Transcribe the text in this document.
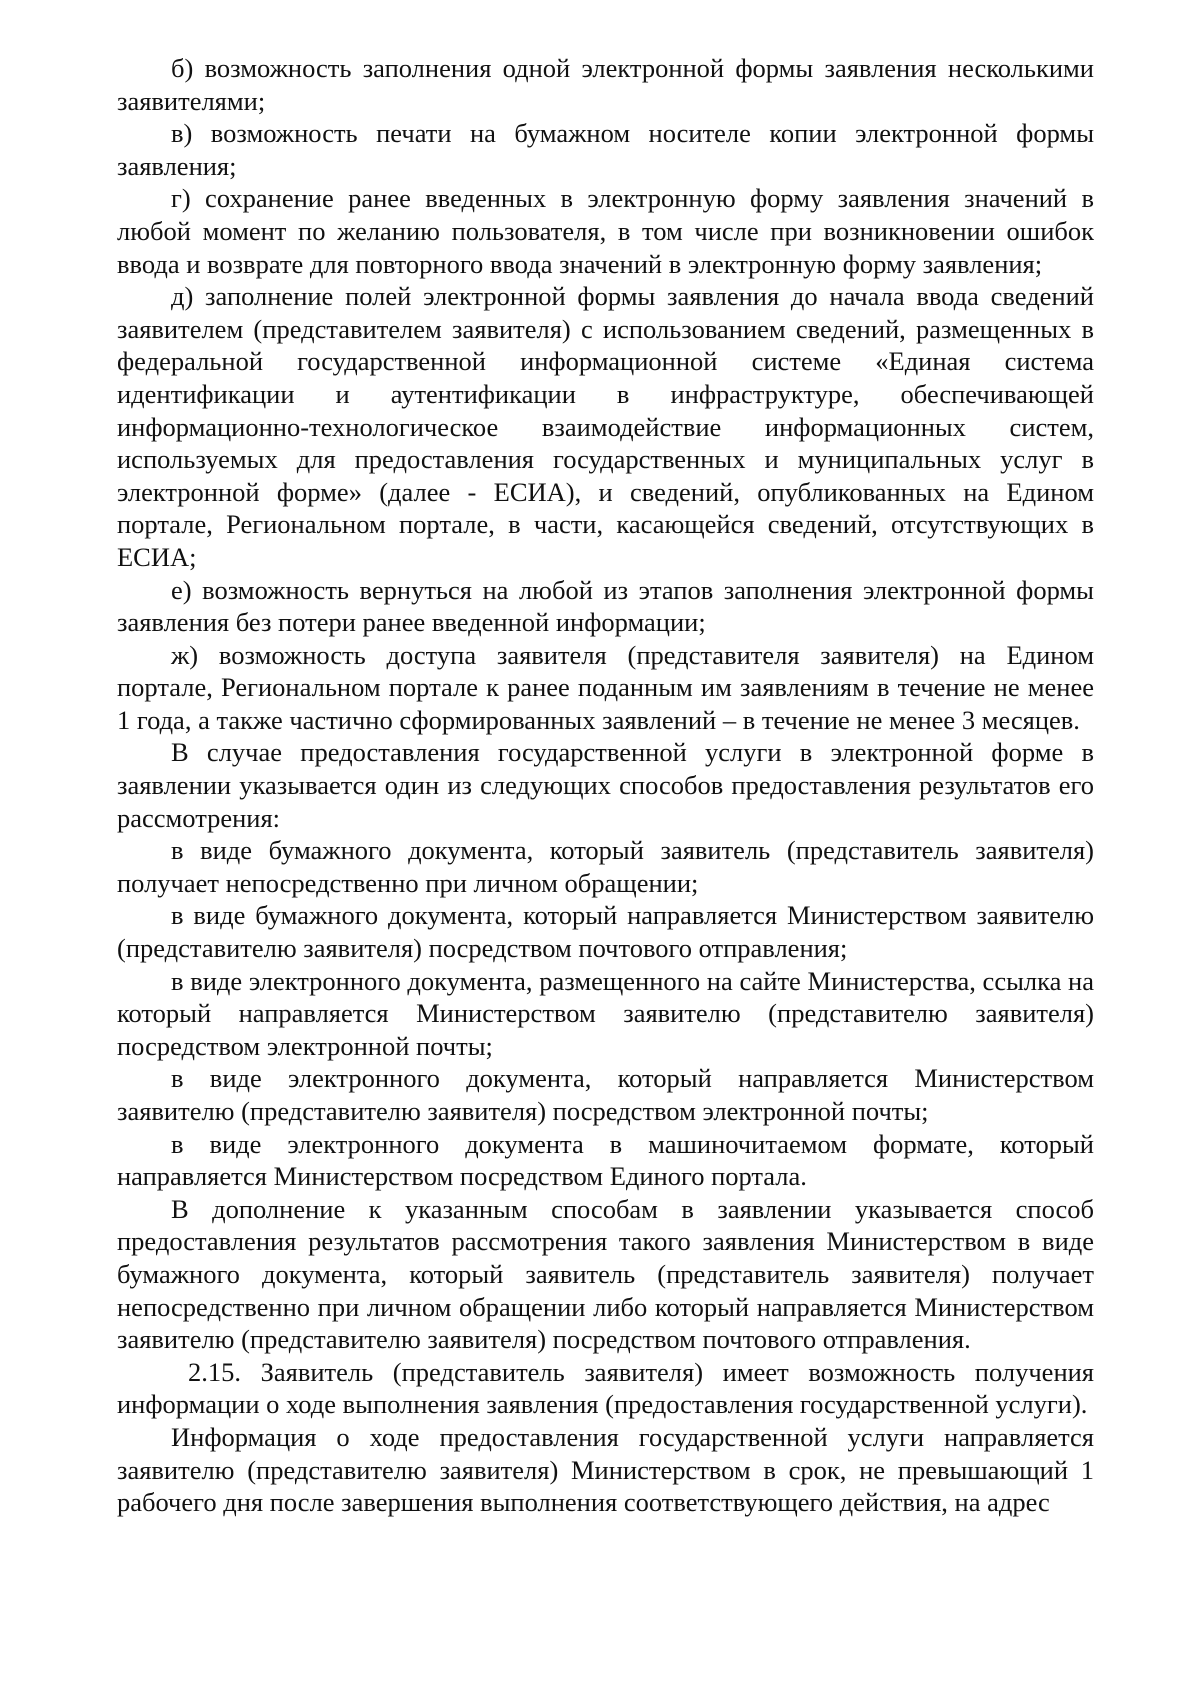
б) возможность заполнения одной электронной формы заявления несколькими заявителями;

в) возможность печати на бумажном носителе копии электронной формы заявления;

г) сохранение ранее введенных в электронную форму заявления значений в любой момент по желанию пользователя, в том числе при возникновении ошибок ввода и возврате для повторного ввода значений в электронную форму заявления;

д) заполнение полей электронной формы заявления до начала ввода сведений заявителем (представителем заявителя) с использованием сведений, размещенных в федеральной государственной информационной системе «Единая система идентификации и аутентификации в инфраструктуре, обеспечивающей информационно-технологическое взаимодействие информационных систем, используемых для предоставления государственных и муниципальных услуг в электронной форме» (далее - ЕСИА), и сведений, опубликованных на Едином портале, Региональном портале, в части, касающейся сведений, отсутствующих в ЕСИА;

е) возможность вернуться на любой из этапов заполнения электронной формы заявления без потери ранее введенной информации;

ж) возможность доступа заявителя (представителя заявителя) на Едином портале, Региональном портале к ранее поданным им заявлениям в течение не менее 1 года, а также частично сформированных заявлений – в течение не менее 3 месяцев.

В случае предоставления государственной услуги в электронной форме в заявлении указывается один из следующих способов предоставления результатов его рассмотрения:

в виде бумажного документа, который заявитель (представитель заявителя) получает непосредственно при личном обращении;

в виде бумажного документа, который направляется Министерством заявителю (представителю заявителя) посредством почтового отправления;

в виде электронного документа, размещенного на сайте Министерства, ссылка на который направляется Министерством заявителю (представителю заявителя) посредством электронной почты;

в виде электронного документа, который направляется Министерством заявителю (представителю заявителя) посредством электронной почты;

в виде электронного документа в машиночитаемом формате, который направляется Министерством посредством Единого портала.

В дополнение к указанным способам в заявлении указывается способ предоставления результатов рассмотрения такого заявления Министерством в виде бумажного документа, который заявитель (представитель заявителя) получает непосредственно при личном обращении либо который направляется Министерством заявителю (представителю заявителя) посредством почтового отправления.

2.15. Заявитель (представитель заявителя) имеет возможность получения информации о ходе выполнения заявления (предоставления государственной услуги).

Информация о ходе предоставления государственной услуги направляется заявителю (представителю заявителя) Министерством в срок, не превышающий 1 рабочего дня после завершения выполнения соответствующего действия, на адрес
